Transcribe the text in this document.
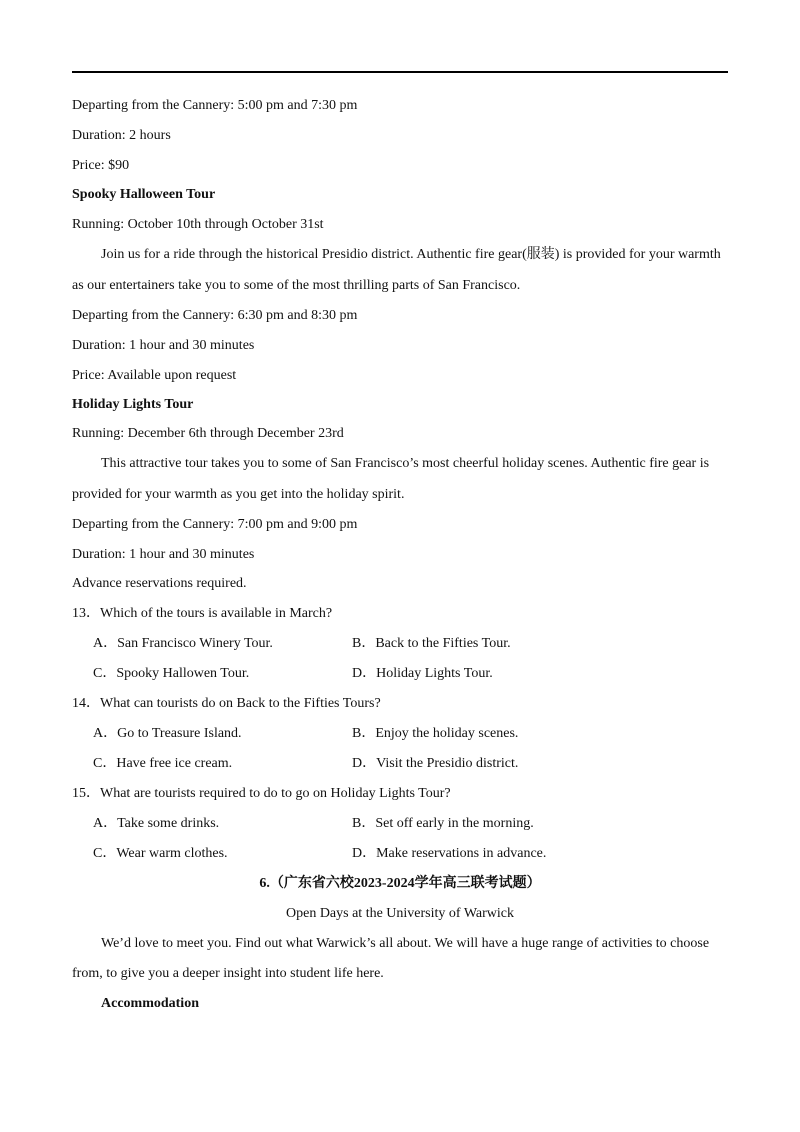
Departing from the Cannery: 5:00 pm and 7:30 pm
Duration: 2 hours
Price: $90
Spooky Halloween Tour
Running: October 10th through October 31st
Join us for a ride through the historical Presidio district. Authentic fire gear(服装) is provided for your warmth
as our entertainers take you to some of the most thrilling parts of San Francisco.
Departing from the Cannery: 6:30 pm and 8:30 pm
Duration: 1 hour and 30 minutes
Price: Available upon request
Holiday Lights Tour
Running: December 6th through December 23rd
This attractive tour takes you to some of San Francisco’s most cheerful holiday scenes. Authentic fire gear is
provided for your warmth as you get into the holiday spirit.
Departing from the Cannery: 7:00 pm and 9:00 pm
Duration: 1 hour and 30 minutes
Advance reservations required.
13．Which of the tours is available in March?
A．San Francisco Winery Tour.	B．Back to the Fifties Tour.
C．Spooky Hallowen Tour.	D．Holiday Lights Tour.
14．What can tourists do on Back to the Fifties Tours?
A．Go to Treasure Island.	B．Enjoy the holiday scenes.
C．Have free ice cream.	D．Visit the Presidio district.
15．What are tourists required to do to go on Holiday Lights Tour?
A．Take some drinks.	B．Set off early in the morning.
C．Wear warm clothes.	D．Make reservations in advance.
6.（广东省六校2023-2024学年高三联考试题）
Open Days at the University of Warwick
We’d love to meet you. Find out what Warwick’s all about. We will have a huge range of activities to choose
from, to give you a deeper insight into student life here.
Accommodation
